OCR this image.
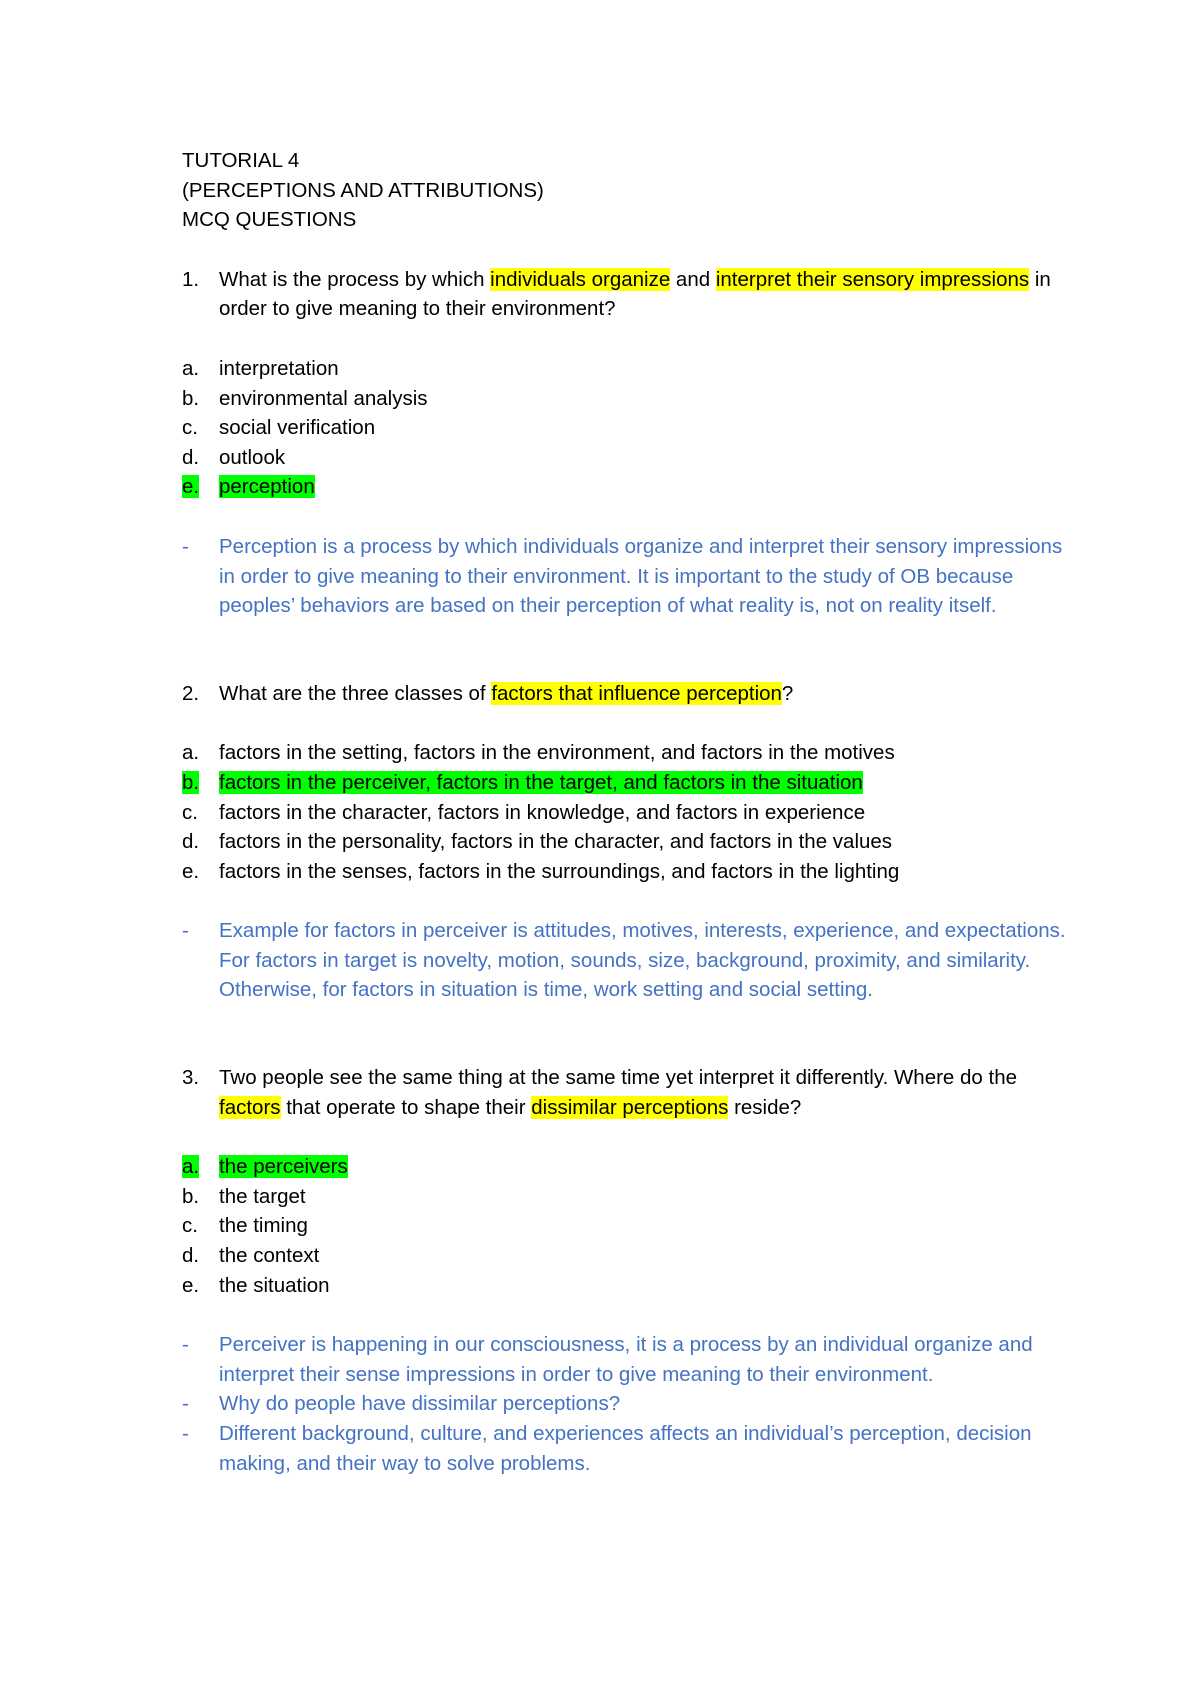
TUTORIAL 4
(PERCEPTIONS AND ATTRIBUTIONS)
MCQ QUESTIONS
1. What is the process by which individuals organize and interpret their sensory impressions in order to give meaning to their environment?
a. interpretation
b. environmental analysis
c.	social verification
d. outlook
e. perception
-	Perception is a process by which individuals organize and interpret their sensory impressions in order to give meaning to their environment. It is important to the study of OB because peoples’ behaviors are based on their perception of what reality is, not on reality itself.
2. What are the three classes of factors that influence perception?
a. factors in the setting, factors in the environment, and factors in the motives
b. factors in the perceiver, factors in the target, and factors in the situation
c.	factors in the character, factors in knowledge, and factors in experience
d. factors in the personality, factors in the character, and factors in the values
e. factors in the senses, factors in the surroundings, and factors in the lighting
-	Example for factors in perceiver is attitudes, motives, interests, experience, and expectations. For factors in target is novelty, motion, sounds, size, background, proximity, and similarity. Otherwise, for factors in situation is time, work setting and social setting.
3. Two people see the same thing at the same time yet interpret it differently. Where do the factors that operate to shape their dissimilar perceptions reside?
a. the perceivers
b. the target
c.	the timing
d. the context
e. the situation
-	Perceiver is happening in our consciousness, it is a process by an individual organize and interpret their sense impressions in order to give meaning to their environment.
-	Why do people have dissimilar perceptions?
-	Different background, culture, and experiences affects an individual’s perception, decision making, and their way to solve problems.
